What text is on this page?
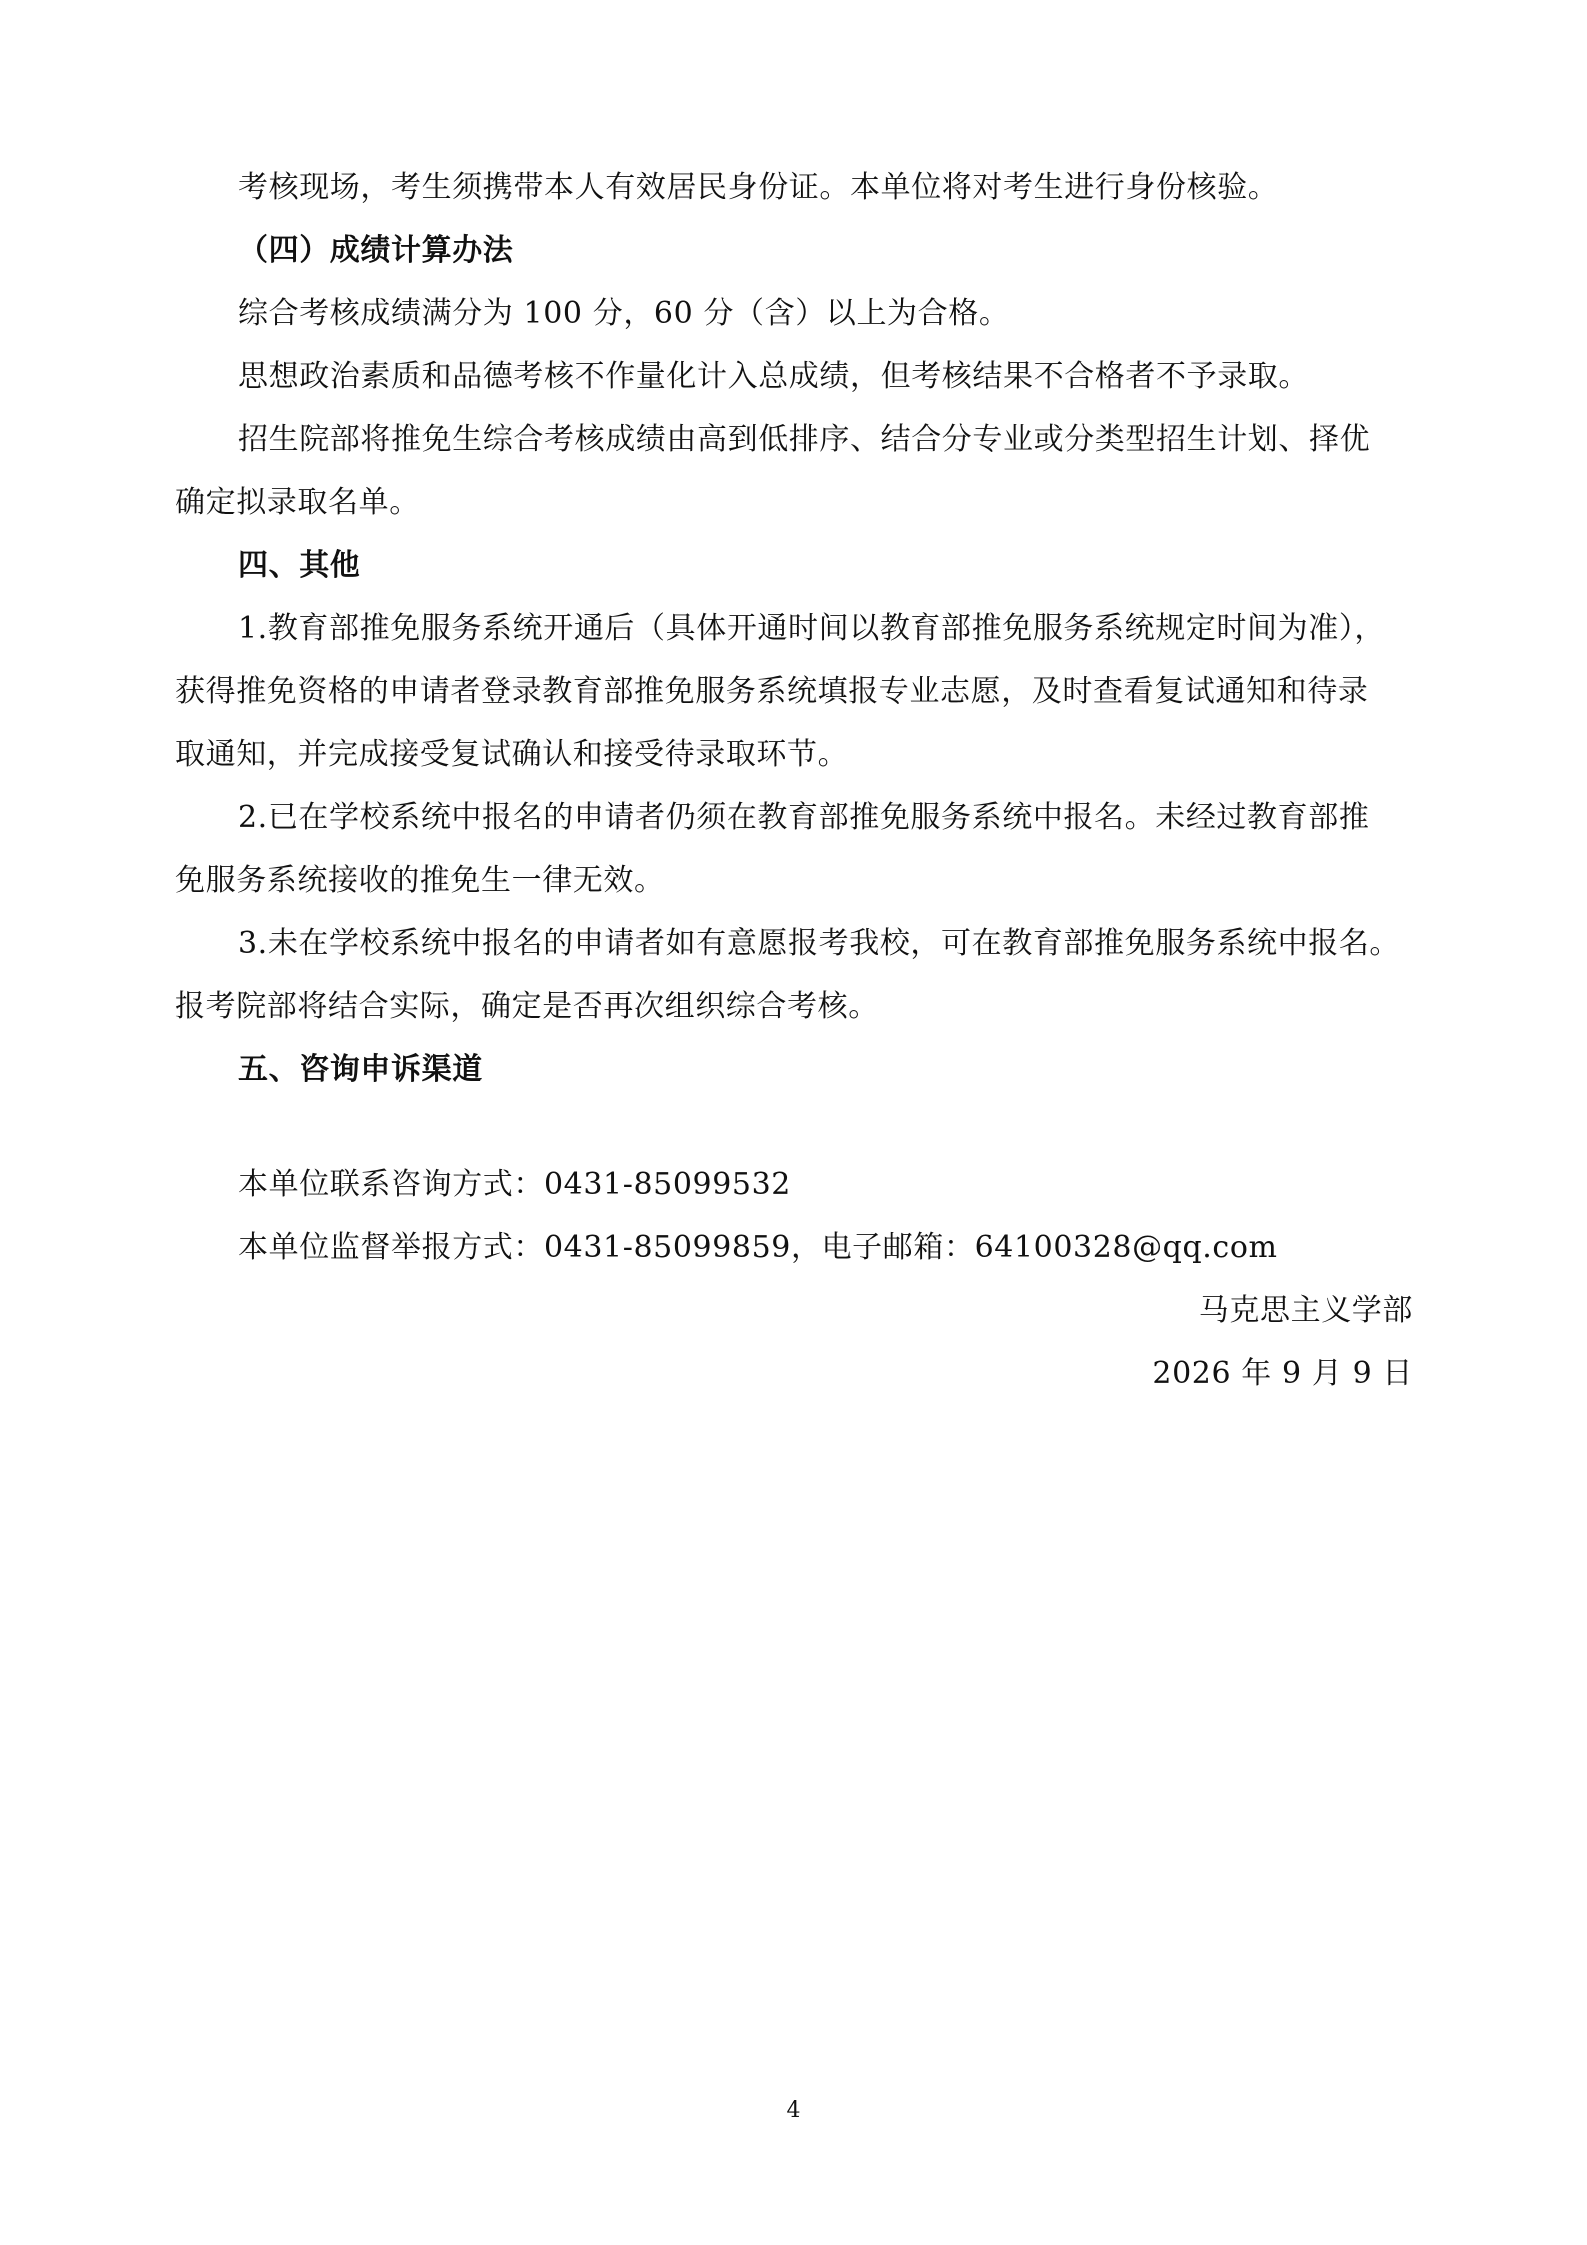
考核现场，考生须携带本人有效居民身份证。本单位将对考生进行身份核验。
（四）成绩计算办法
综合考核成绩满分为 100 分，60 分（含）以上为合格。
思想政治素质和品德考核不作量化计入总成绩，但考核结果不合格者不予录取。
招生院部将推免生综合考核成绩由高到低排序、结合分专业或分类型招生计划、择优
确定拟录取名单。
四、其他
1.教育部推免服务系统开通后（具体开通时间以教育部推免服务系统规定时间为准），
获得推免资格的申请者登录教育部推免服务系统填报专业志愿，及时查看复试通知和待录
取通知，并完成接受复试确认和接受待录取环节。
2.已在学校系统中报名的申请者仍须在教育部推免服务系统中报名。未经过教育部推
免服务系统接收的推免生一律无效。
3.未在学校系统中报名的申请者如有意愿报考我校，可在教育部推免服务系统中报名。
报考院部将结合实际，确定是否再次组织综合考核。
五、咨询申诉渠道
本单位联系咨询方式：0431-85099532
本单位监督举报方式：0431-85099859，电子邮箱：64100328@qq.com
马克思主义学部
2026 年 9 月 9 日
4
